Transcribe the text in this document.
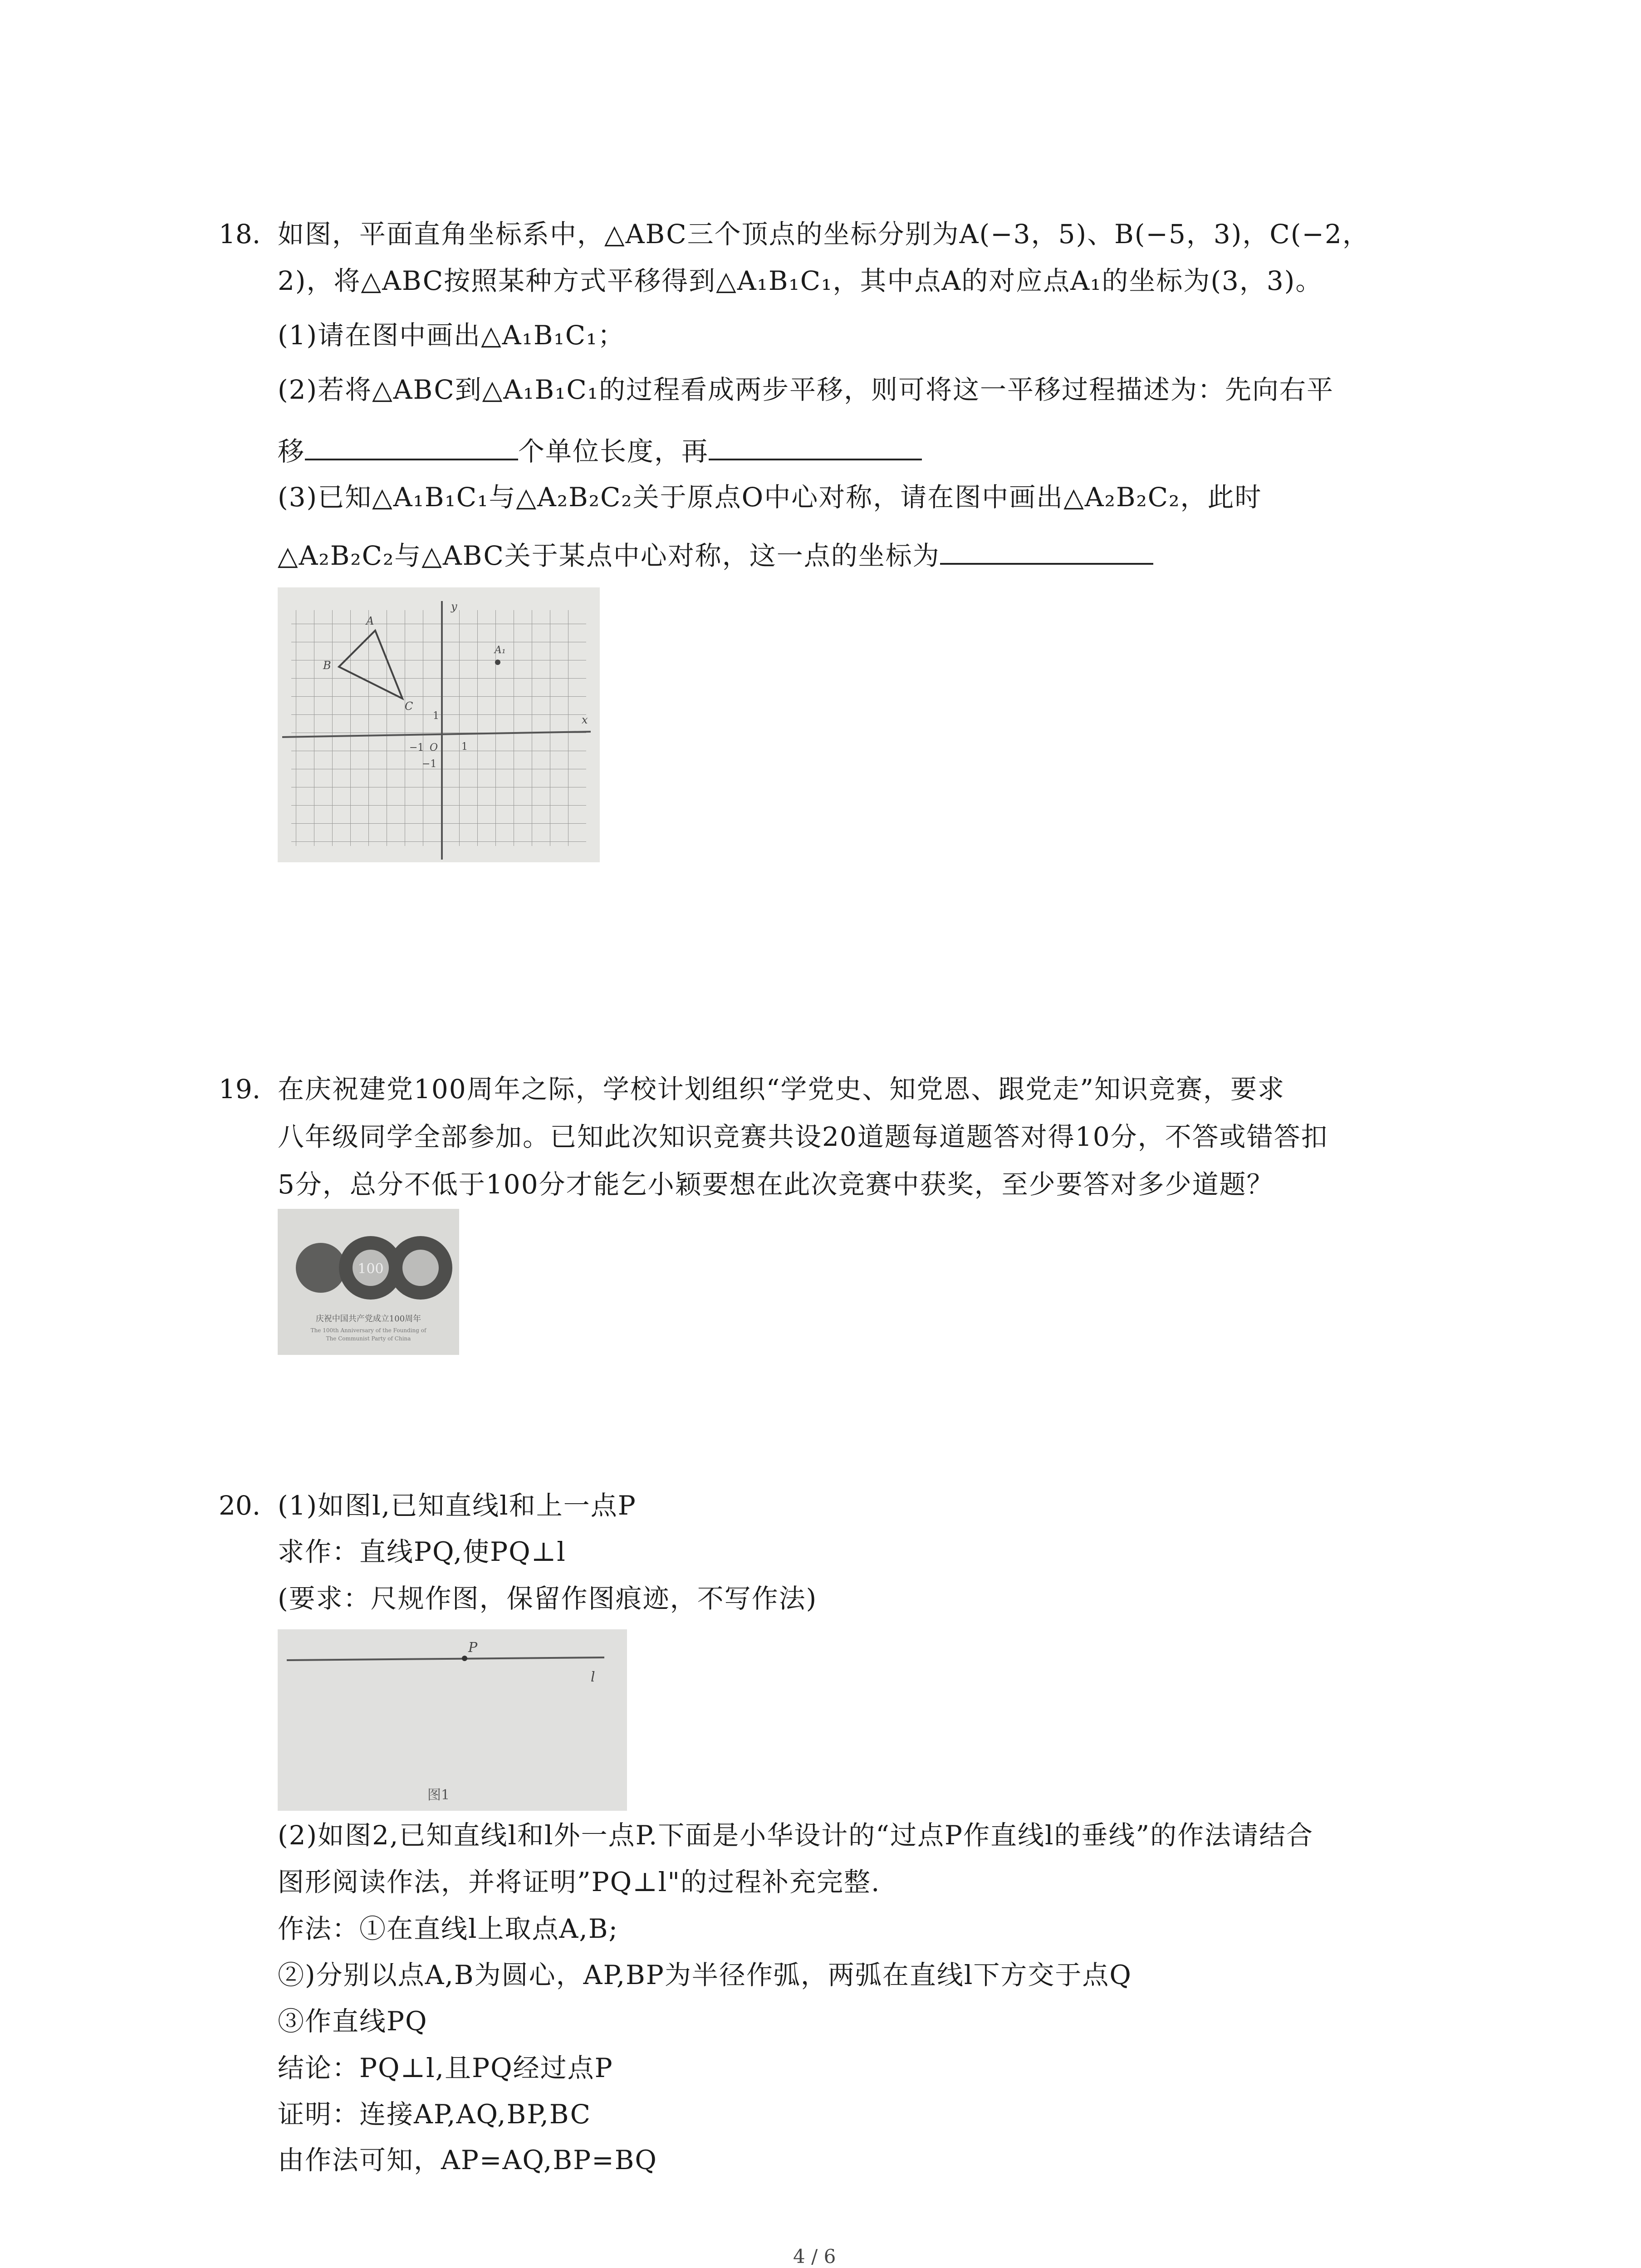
18. 如图，平面直角坐标系中，△ABC三个顶点的坐标分别为A(−3，5)、B(−5，3)，C(−2，
2)，将△ABC按照某种方式平移得到△A₁B₁C₁，其中点A的对应点A₁的坐标为(3，3)。
(1)请在图中画出△A₁B₁C₁；
(2)若将△ABC到△A₁B₁C₁的过程看成两步平移，则可将这一平移过程描述为：先向右平
移	个单位长度，再
(3)已知△A₁B₁C₁与△A₂B₂C₂关于原点O中心对称，请在图中画出△A₂B₂C₂，此时
△A₂B₂C₂与△ABC关于某点中心对称，这一点的坐标为
y
x
A
B
C
A₁
1
−1 O 1
−1
19. 在庆祝建党100周年之际，学校计划组织“学党史、知党恩、跟党走”知识竞赛，要求
八年级同学全部参加。已知此次知识竞赛共设20道题每道题答对得10分，不答或错答扣
5分，总分不低于100分才能乞小颖要想在此次竞赛中获奖，至少要答对多少道题？
100
庆祝中国共产党成立100周年
The 100th Anniversary of the Founding of
The Communist Party of China
20. (1)如图l,已知直线l和上一点P
求作：直线PQ,使PQ⊥l
(要求：尺规作图，保留作图痕迹，不写作法)
P
l
图1
(2)如图2,已知直线l和l外一点P.下面是小华设计的“过点P作直线l的垂线”的作法请结合
图形阅读作法，并将证明”PQ⊥l"的过程补充完整.
作法：①在直线l上取点A,B;
②)分别以点A,B为圆心，AP,BP为半径作弧，两弧在直线l下方交于点Q
③作直线PQ
结论：PQ⊥l,且PQ经过点P
证明：连接AP,AQ,BP,BC
由作法可知，AP=AQ,BP=BQ
4 / 6
